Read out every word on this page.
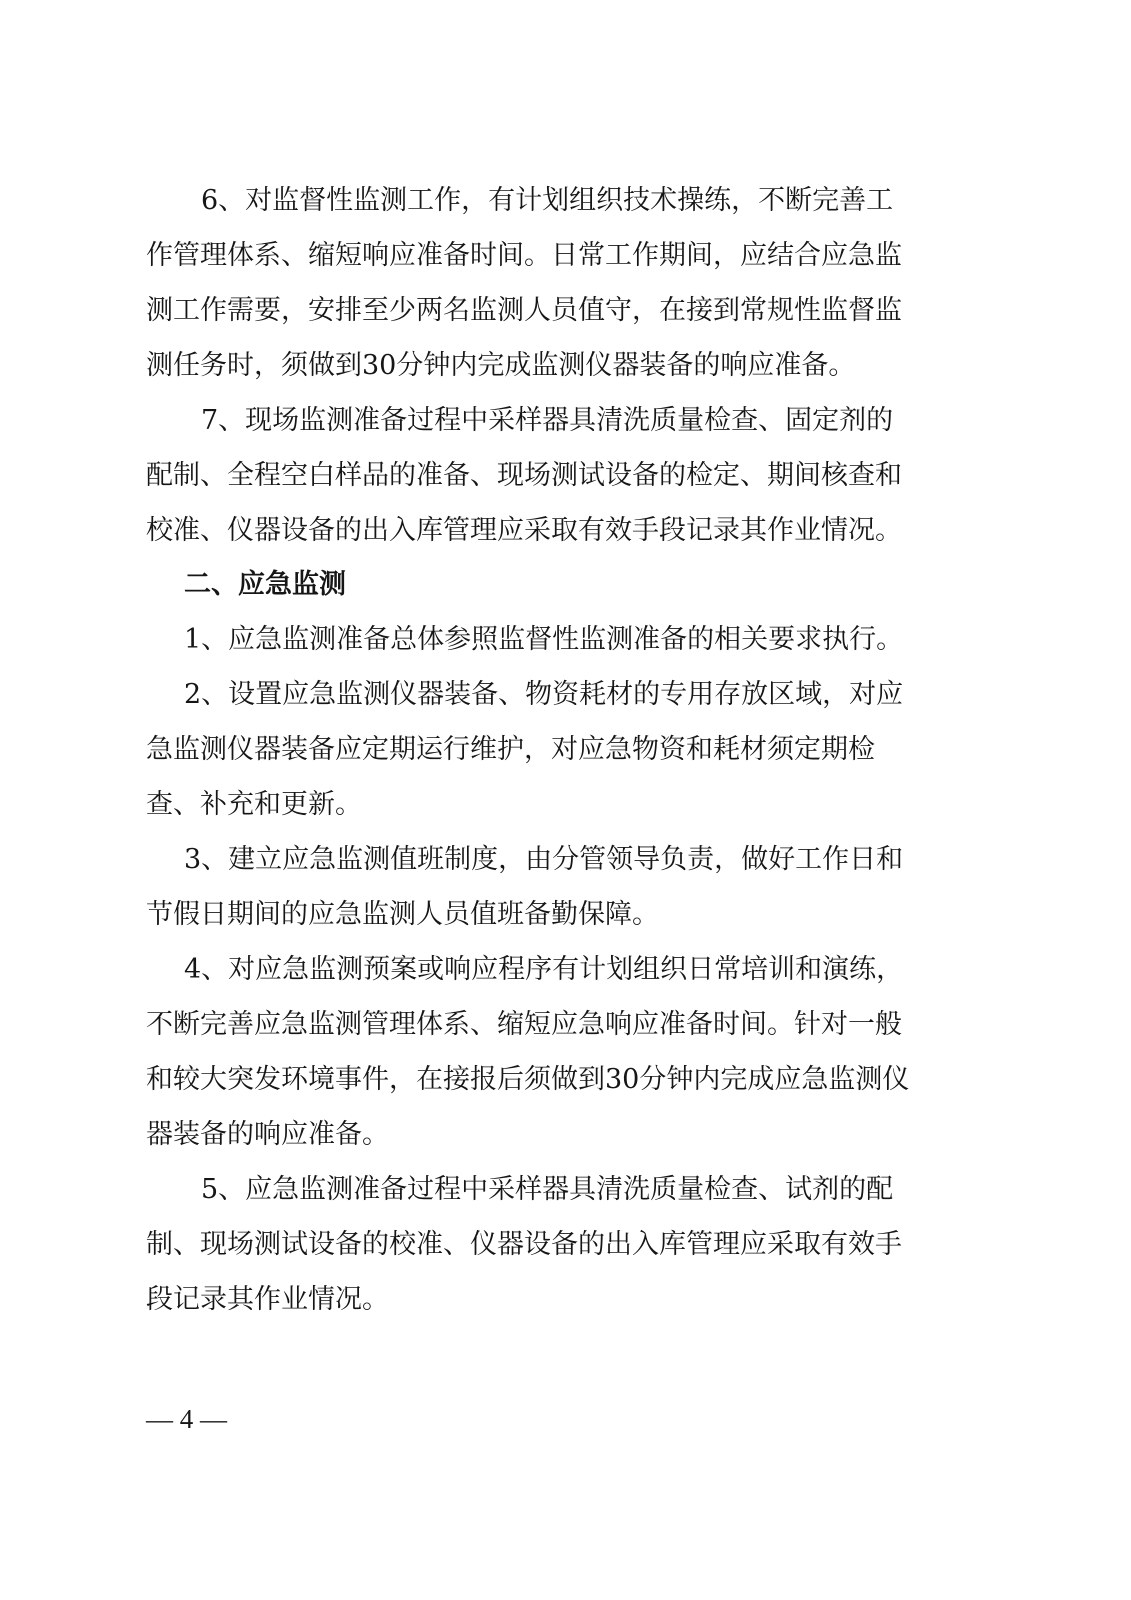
6、对监督性监测工作，有计划组织技术操练，不断完善工
作管理体系、缩短响应准备时间。日常工作期间，应结合应急监
测工作需要，安排至少两名监测人员值守，在接到常规性监督监
测任务时，须做到30分钟内完成监测仪器装备的响应准备。
7、现场监测准备过程中采样器具清洗质量检查、固定剂的
配制、全程空白样品的准备、现场测试设备的检定、期间核查和
校准、仪器设备的出入库管理应采取有效手段记录其作业情况。
二、应急监测
1、应急监测准备总体参照监督性监测准备的相关要求执行。
2、设置应急监测仪器装备、物资耗材的专用存放区域，对应
急监测仪器装备应定期运行维护，对应急物资和耗材须定期检
查、补充和更新。
3、建立应急监测值班制度，由分管领导负责，做好工作日和
节假日期间的应急监测人员值班备勤保障。
4、对应急监测预案或响应程序有计划组织日常培训和演练，
不断完善应急监测管理体系、缩短应急响应准备时间。针对一般
和较大突发环境事件，在接报后须做到30分钟内完成应急监测仪
器装备的响应准备。
5、应急监测准备过程中采样器具清洗质量检查、试剂的配
制、现场测试设备的校准、仪器设备的出入库管理应采取有效手
段记录其作业情况。
— 4 —
